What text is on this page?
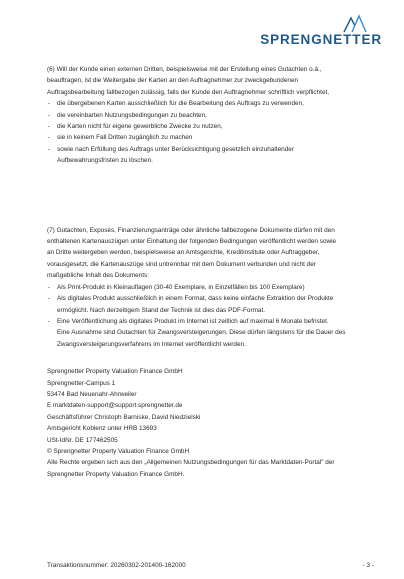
SPRENGNETTER

(6) Will der Kunde einen externen Dritten, beispielsweise mit der Erstellung eines Gutachten o.ä.,

beauftragen, ist die Weitergabe der Karten an den Auftragnehmer zur zweckgebundenen

Auftragsbearbeitung fallbezogen zulässig, falls der Kunde den Auftragnehmer schriftlich verpflichtet,

- die übergebenen Karten ausschließlich für die Bearbeitung des Auftrags zu verwenden,
- die vereinbarten Nutzungsbedingungen zu beachten,
- die Karten nicht für eigene gewerbliche Zwecke zu nutzen,
- sie in keinem Fall Dritten zugänglich zu machen
- sowie nach Erfüllung des Auftrags unter Berücksichtigung gesetzlich einzuhaltender
Aufbewahrungsfristen zu löschen.

(7) Gutachten, Exposés, Finanzierungsanträge oder ähnliche fallbezogene Dokumente dürfen mit den

enthaltenen Kartenauszügen unter Einhaltung der folgenden Bedingungen veröffentlicht werden sowie

an Dritte weitergeben werden, beispielsweise an Amtsgerichte, Kreditinstitute oder Auftraggeber,

vorausgesetzt, die Kartenauszüge sind untrennbar mit dem Dokument verbunden und nicht der

maßgebliche Inhalt des Dokuments:

- Als Print-Produkt in Kleinauflagen (30-40 Exemplare, in Einzelfällen bis 100 Exemplare)
- Als digitales Produkt ausschließlich in einem Format, dass keine einfache Extraktion der Produkte
ermöglicht. Nach derzeitigem Stand der Technik ist dies das PDF-Format.
- Eine Veröffentlichung als digitales Produkt im Internet ist zeitlich auf maximal 6 Monate befristet.
Eine Ausnahme sind Gutachten für Zwangsversteigerungen. Diese dürfen längstens für die Dauer des
Zwangsversteigerungsverfahrens im Internet veröffentlicht werden.

Sprengnetter Property Valuation Finance GmbH

Sprengnetter-Campus 1

53474 Bad Neuenahr-Ahrweiler

E marktdaten-support@support.sprengnetter.de

Geschäftsführer Christoph Barniske, David Niedzielski

Amtsgericht Koblenz unter HRB 13693

USt-IdNr. DE 177462505

© Sprengnetter Property Valuation Finance GmbH

Alle Rechte ergeben sich aus den „Allgemeinen Nutzungsbedingungen für das Marktdaten-Portal" der

Sprengnetter Property Valuation Finance GmbH.

Transaktionsnummer: 20260302-201400-162000	- 3 -
